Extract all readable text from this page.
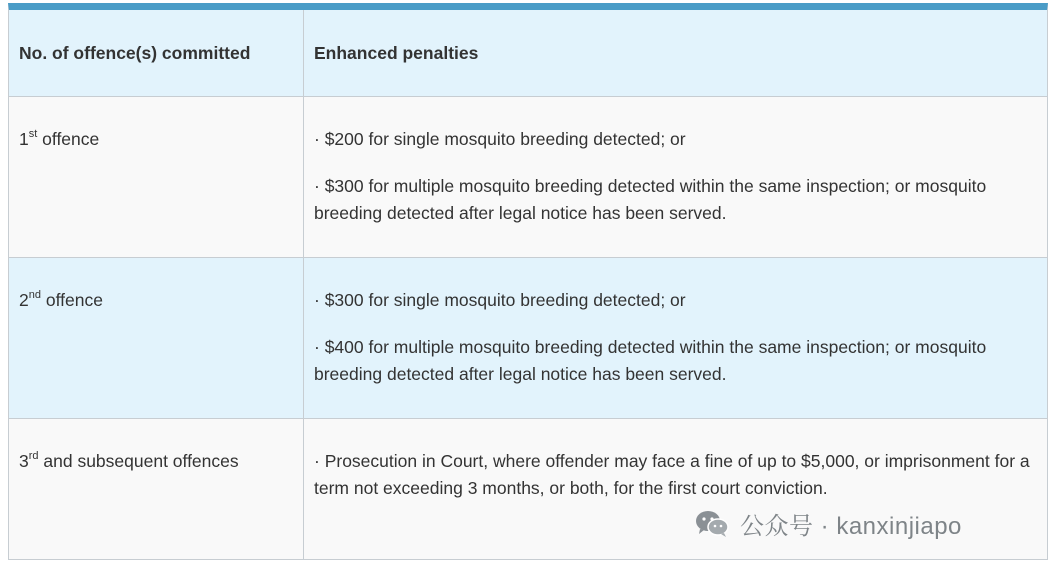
No. of offence(s) committed	Enhanced penalties
1st offence	· $200 for single mosquito breeding detected; or

· $300 for multiple mosquito breeding detected within the same inspection; or mosquito breeding detected after legal notice has been served.

2nd offence	· $300 for single mosquito breeding detected; or

· $400 for multiple mosquito breeding detected within the same inspection; or mosquito breeding detected after legal notice has been served.

3rd and subsequent offences	· Prosecution in Court, where offender may face a fine of up to $5,000, or imprisonment for a term not exceeding 3 months, or both, for the first court conviction.

公众号 · kanxinjiapo
